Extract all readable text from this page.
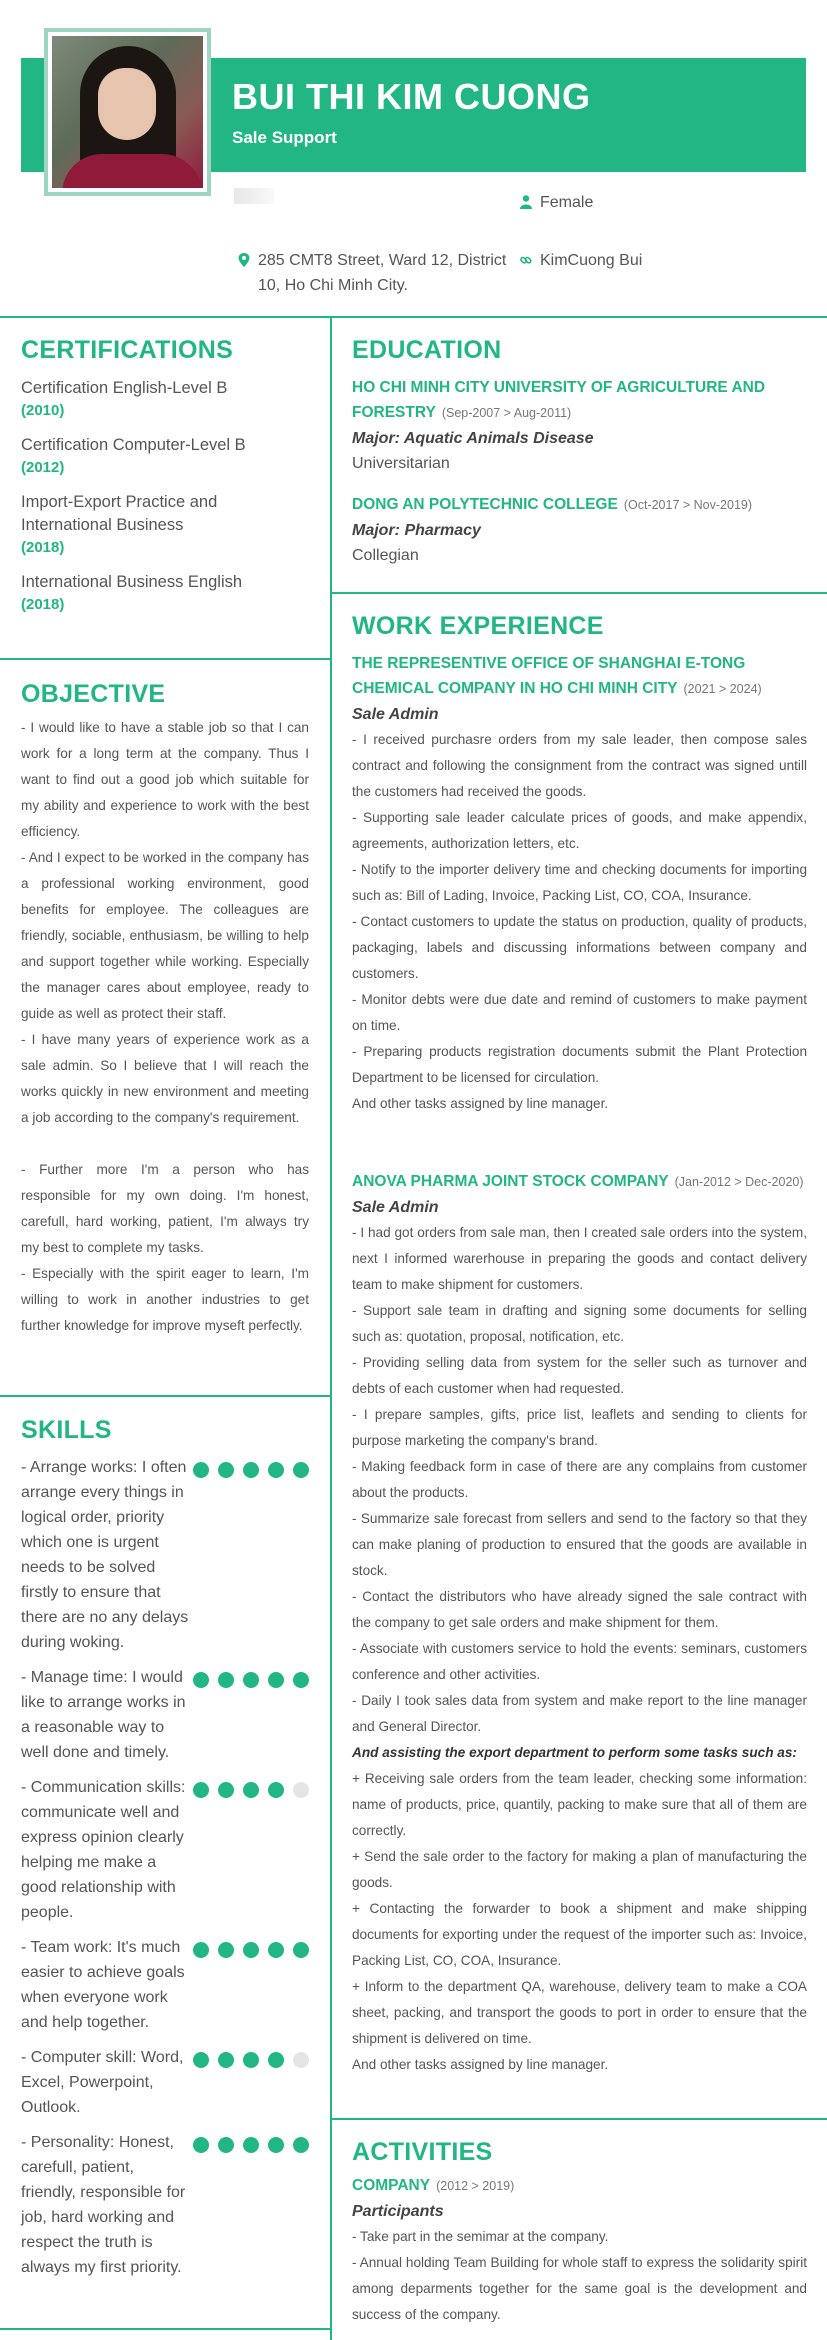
BUI THI KIM CUONG
Sale Support
Female
285 CMT8 Street, Ward 12, District 10, Ho Chi Minh City.
KimCuong Bui
CERTIFICATIONS
Certification English-Level B
(2010)
Certification Computer-Level B
(2012)
Import-Export Practice and International Business
(2018)
International Business English
(2018)
OBJECTIVE
- I would like to have a stable job so that I can work for a long term at the company. Thus I want to find out a good job which suitable for my ability and experience to work with the best efficiency.
- And I expect to be worked in the company has a professional working environment, good benefits for employee. The colleagues are friendly, sociable, enthusiasm, be willing to help and support together while working. Especially the manager cares about employee, ready to guide as well as protect their staff.
- I have many years of experience work as a sale admin. So I believe that I will reach the works quickly in new environment and meeting a job according to the company's requirement.
- Further more I'm a person who has responsible for my own doing. I'm honest, carefull, hard working, patient, I'm always try my best to complete my tasks.
- Especially with the spirit eager to learn, I'm willing to work in another industries to get further knowledge for improve myseft perfectly.
SKILLS
- Arrange works: I often arrange every things in logical order, priority which one is urgent needs to be solved firstly to ensure that there are no any delays during woking.
- Manage time: I would like to arrange works in a reasonable way to well done and timely.
- Communication skills: communicate well and express opinion clearly helping me make a good relationship with people.
- Team work: It's much easier to achieve goals when everyone work and help together.
- Computer skill: Word, Excel, Powerpoint, Outlook.
- Personality: Honest, carefull, patient, friendly, responsible for job, hard working and respect the truth is always my first priority.
EDUCATION
HO CHI MINH CITY UNIVERSITY OF AGRICULTURE AND FORESTRY (Sep-2007 > Aug-2011)
Major: Aquatic Animals Disease
Universitarian
DONG AN POLYTECHNIC COLLEGE (Oct-2017 > Nov-2019)
Major: Pharmacy
Collegian
WORK EXPERIENCE
THE REPRESENTIVE OFFICE OF SHANGHAI E-TONG CHEMICAL COMPANY IN HO CHI MINH CITY (2021 > 2024)
Sale Admin
- I received purchasre orders from my sale leader, then compose sales contract and following the consignment from the contract was signed untill the customers had received the goods.
- Supporting sale leader calculate prices of goods, and make appendix, agreements, authorization letters, etc.
- Notify to the importer delivery time and checking documents for importing such as: Bill of Lading, Invoice, Packing List, CO, COA, Insurance.
- Contact customers to update the status on production, quality of products, packaging, labels and discussing informations between company and customers.
- Monitor debts were due date and remind of customers to make payment on time.
- Preparing products registration documents submit the Plant Protection Department to be licensed for circulation.
And other tasks assigned by line manager.
ANOVA PHARMA JOINT STOCK COMPANY (Jan-2012 > Dec-2020)
Sale Admin
- I had got orders from sale man, then I created sale orders into the system, next I informed warerhouse in preparing the goods and contact delivery team to make shipment for customers.
- Support sale team in drafting and signing some documents for selling such as: quotation, proposal, notification, etc.
- Providing selling data from system for the seller such as turnover and debts of each customer when had requested.
- I prepare samples, gifts, price list, leaflets and sending to clients for purpose marketing the company's brand.
- Making feedback form in case of there are any complains from customer about the products.
- Summarize sale forecast from sellers and send to the factory so that they can make planing of production to ensured that the goods are available in stock.
- Contact the distributors who have already signed the sale contract with the company to get sale orders and make shipment for them.
- Associate with customers service to hold the events: seminars, customers conference and other activities.
- Daily I took sales data from system and make report to the line manager and General Director.
And assisting the export department to perform some tasks such as:
+ Receiving sale orders from the team leader, checking some information: name of products, price, quantily, packing to make sure that all of them are correctly.
+ Send the sale order to the factory for making a plan of manufacturing the goods.
+ Contacting the forwarder to book a shipment and make shipping documents for exporting under the request of the importer such as: Invoice, Packing List, CO, COA, Insurance.
+ Inform to the department QA, warehouse, delivery team to make a COA sheet, packing, and transport the goods to port in order to ensure that the shipment is delivered on time.
And other tasks assigned by line manager.
ACTIVITIES
COMPANY (2012 > 2019)
Participants
- Take part in the semimar at the company.
- Annual holding Team Building for whole staff to express the solidarity spirit among deparments together for the same goal is the development and success of the company.
